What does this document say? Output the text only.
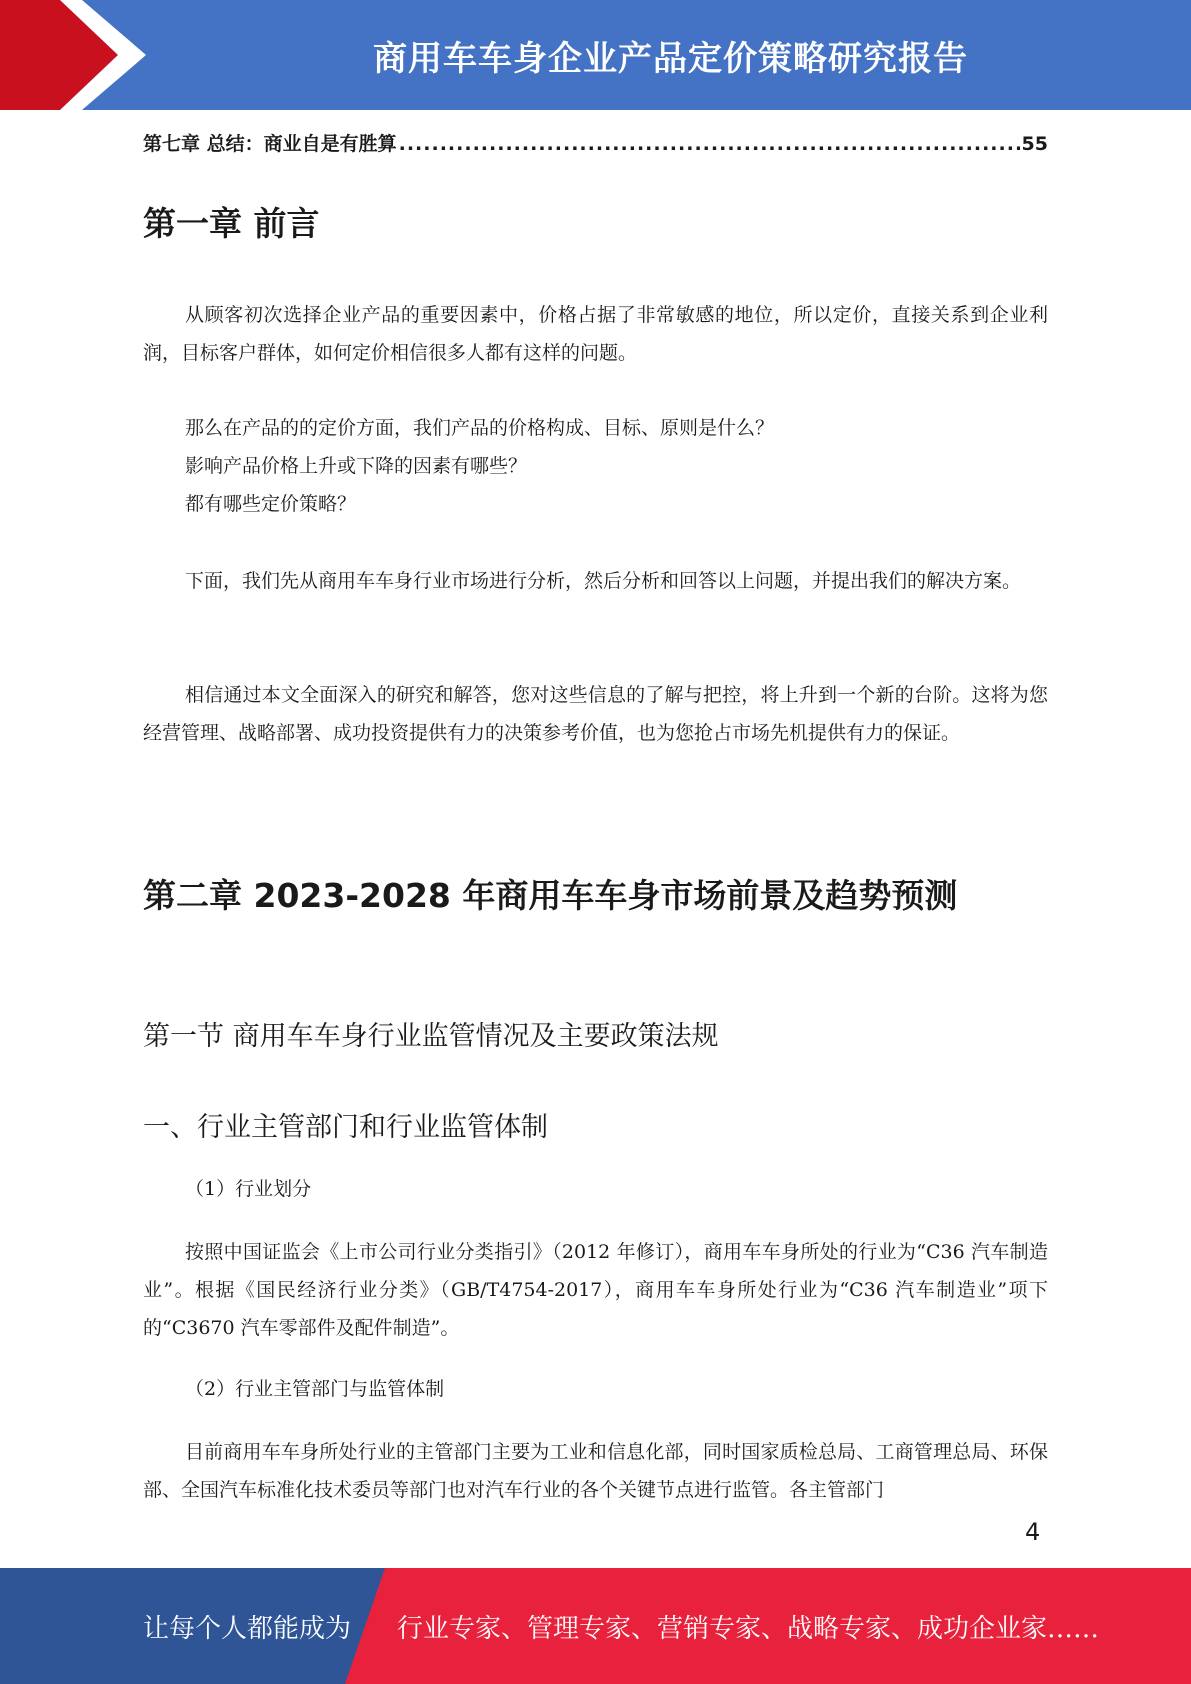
商用车车身企业产品定价策略研究报告
第七章 总结：商业自是有胜算
.....	55
第一章 前言

从顾客初次选择企业产品的重要因素中，价格占据了非常敏感的地位，所以定价，直接关系到企业利润，目标客户群体，如何定价相信很多人都有这样的问题。

那么在产品的的定价方面，我们产品的价格构成、目标、原则是什么？

影响产品价格上升或下降的因素有哪些？

都有哪些定价策略？

下面，我们先从商用车车身行业市场进行分析，然后分析和回答以上问题，并提出我们的解决方案。

相信通过本文全面深入的研究和解答，您对这些信息的了解与把控，将上升到一个新的台阶。这将为您经营管理、战略部署、成功投资提供有力的决策参考价值，也为您抢占市场先机提供有力的保证。

第二章 2023-2028 年商用车车身市场前景及趋势预测
第一节 商用车车身行业监管情况及主要政策法规
一、行业主管部门和行业监管体制

（1）行业划分

按照中国证监会《上市公司行业分类指引》（2012 年修订），商用车车身所处的行业为“C36 汽车制造业”。根据《国民经济行业分类》（GB/T4754-2017），商用车车身所处行业为“C36 汽车制造业”项下的“C3670 汽车零部件及配件制造”。

（2）行业主管部门与监管体制

目前商用车车身所处行业的主管部门主要为工业和信息化部，同时国家质检总局、工商管理总局、环保部、全国汽车标准化技术委员等部门也对汽车行业的各个关键节点进行监管。各主管部门

4
让每个人都能成为 行业专家、管理专家、营销专家、战略专家、成功企业家……
